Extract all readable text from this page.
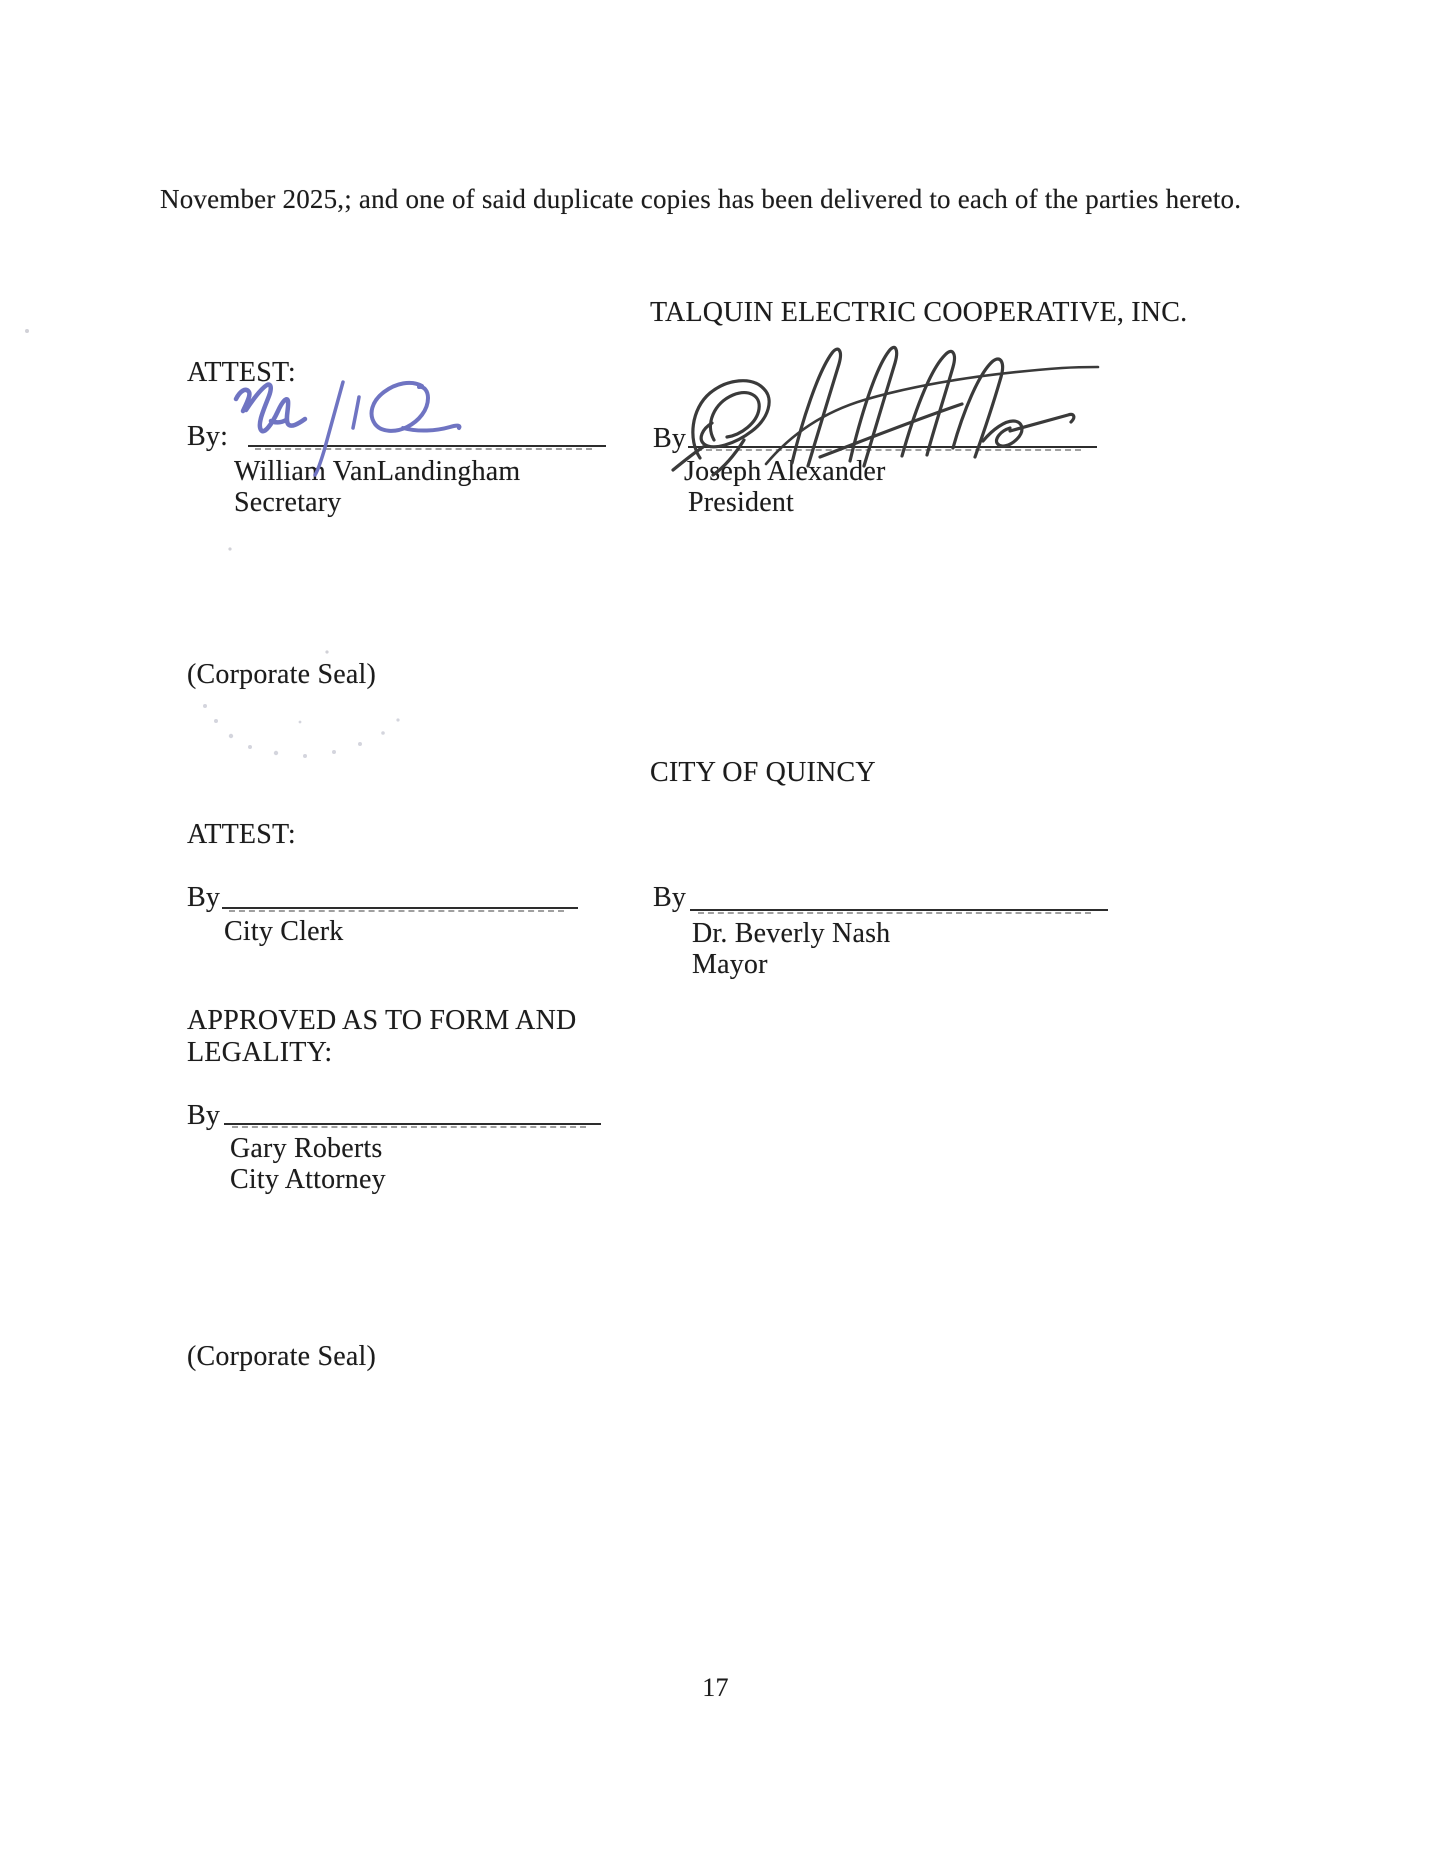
November 2025,; and one of said duplicate copies has been delivered to each of the parties hereto.
TALQUIN ELECTRIC COOPERATIVE, INC.
ATTEST:
By:
William VanLandingham
Secretary
By
Joseph Alexander
President
(Corporate Seal)
CITY OF QUINCY
ATTEST:
By
City Clerk
By
Dr. Beverly Nash
Mayor
APPROVED AS TO FORM AND
LEGALITY:
By
Gary Roberts
City Attorney
(Corporate Seal)
17
